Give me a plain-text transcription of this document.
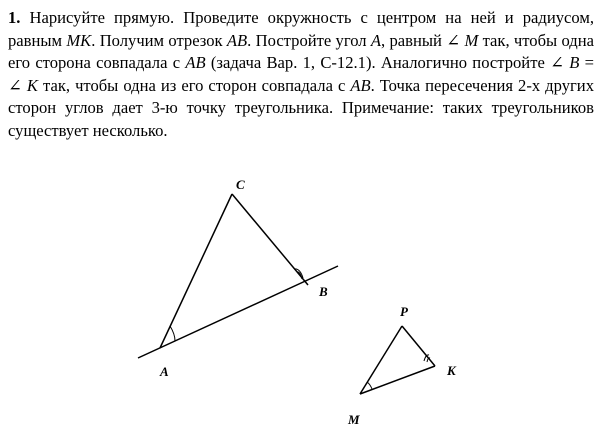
1. Нарисуйте прямую. Проведите окружность с центром на ней и радиусом, равным MK. Получим отрезок AB. Постройте угол A, равный ∠ M так, чтобы одна его сторона совпадала с AB (задача Вар. 1, С-12.1). Аналогично постройте ∠ B = ∠ K так, чтобы одна из его сторон совпадала с AB. Точка пересечения 2-х других сторон углов дает 3-ю точку треугольника. Примечание: таких треугольников существует несколько.
A
B
C
P
M
K
